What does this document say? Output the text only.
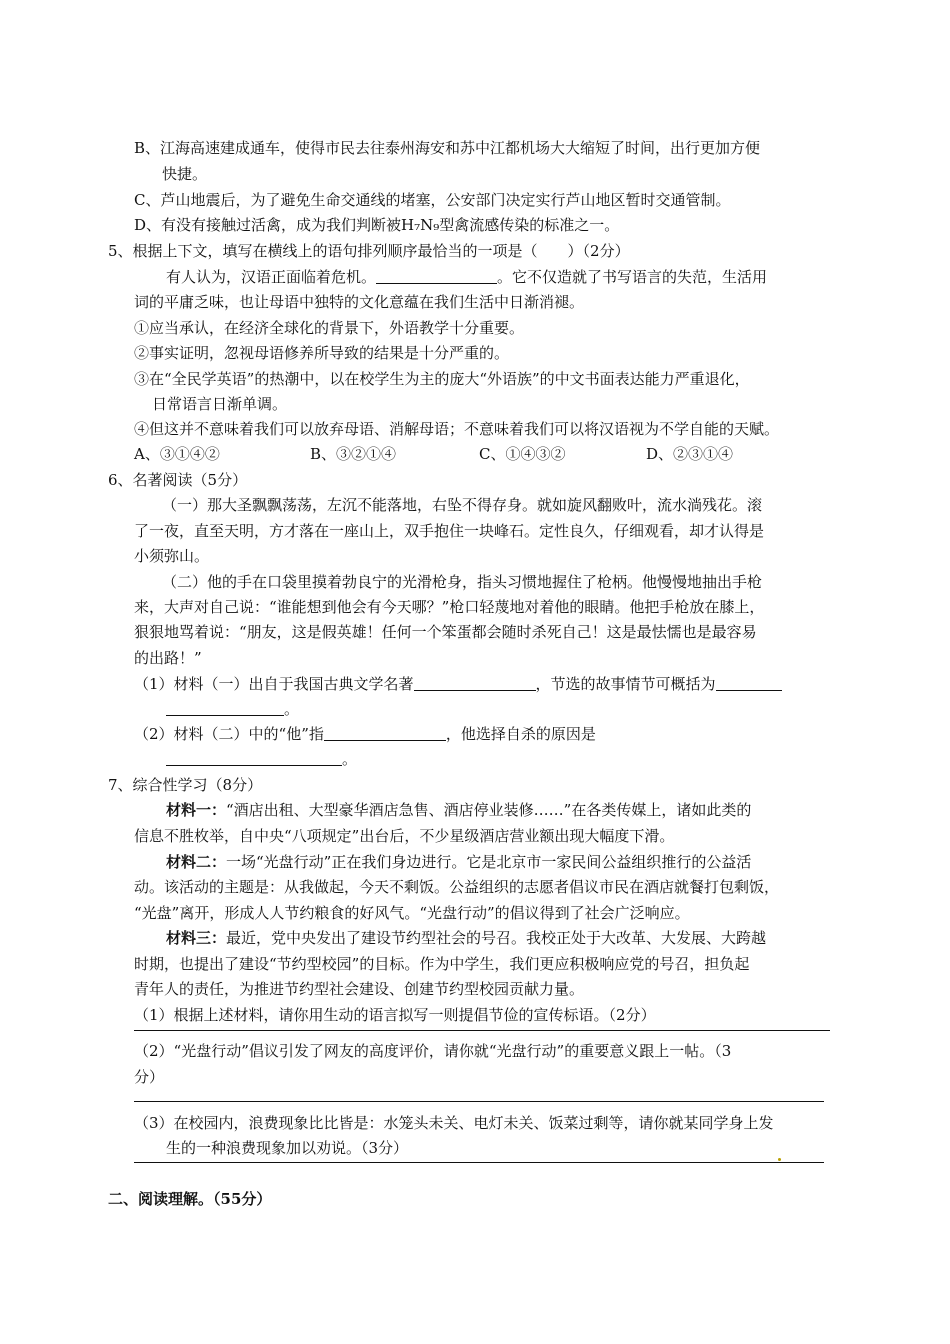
B、江海高速建成通车，使得市民去往泰州海安和苏中江都机场大大缩短了时间，出行更加方便
快捷。
C、芦山地震后，为了避免生命交通线的堵塞，公安部门决定实行芦山地区暂时交通管制。
D、有没有接触过活禽，成为我们判断被H₇N₉型禽流感传染的标准之一。
5、根据上下文，填写在横线上的语句排列顺序最恰当的一项是（　　）（2分）
有人认为，汉语正面临着危机。	。它不仅造就了书写语言的失范，生活用
词的平庸乏味，也让母语中独特的文化意蕴在我们生活中日渐消褪。
①应当承认，在经济全球化的背景下，外语教学十分重要。
②事实证明，忽视母语修养所导致的结果是十分严重的。
③在“全民学英语”的热潮中，以在校学生为主的庞大“外语族”的中文书面表达能力严重退化，
日常语言日渐单调。
④但这并不意味着我们可以放弃母语、消解母语；不意味着我们可以将汉语视为不学自能的天赋。
A、③①④②	B、③②①④	C、①④③②	D、②③①④
6、名著阅读（5分）
（一）那大圣飘飘荡荡，左沉不能落地，右坠不得存身。就如旋风翻败叶，流水淌残花。滚
了一夜，直至天明，方才落在一座山上，双手抱住一块峰石。定性良久，仔细观看，却才认得是
小须弥山。
（二）他的手在口袋里摸着勃良宁的光滑枪身，指头习惯地握住了枪柄。他慢慢地抽出手枪
来，大声对自己说：“谁能想到他会有今天哪？”枪口轻蔑地对着他的眼睛。他把手枪放在膝上，
狠狠地骂着说：“朋友，这是假英雄！任何一个笨蛋都会随时杀死自己！这是最怯懦也是最容易
的出路！”
（1）材料（一）出自于我国古典文学名著	，节选的故事情节可概括为
。
（2）材料（二）中的“他”指	，他选择自杀的原因是
。
7、综合性学习（8分）
材料一：“酒店出租、大型豪华酒店急售、酒店停业装修……”在各类传媒上，诸如此类的
信息不胜枚举，自中央“八项规定”出台后，不少星级酒店营业额出现大幅度下滑。
材料二：一场“光盘行动”正在我们身边进行。它是北京市一家民间公益组织推行的公益活
动。该活动的主题是：从我做起，今天不剩饭。公益组织的志愿者倡议市民在酒店就餐打包剩饭，
“光盘”离开，形成人人节约粮食的好风气。“光盘行动”的倡议得到了社会广泛响应。
材料三：最近，党中央发出了建设节约型社会的号召。我校正处于大改革、大发展、大跨越
时期，也提出了建设“节约型校园”的目标。作为中学生，我们更应积极响应党的号召，担负起
青年人的责任，为推进节约型社会建设、创建节约型校园贡献力量。
（1）根据上述材料，请你用生动的语言拟写一则提倡节俭的宣传标语。（2分）
（2）“光盘行动”倡议引发了网友的高度评价，请你就“光盘行动”的重要意义跟上一帖。（3
分）
（3）在校园内，浪费现象比比皆是：水笼头未关、电灯未关、饭菜过剩等，请你就某同学身上发
生的一种浪费现象加以劝说。（3分）
二、阅读理解。（55分）
